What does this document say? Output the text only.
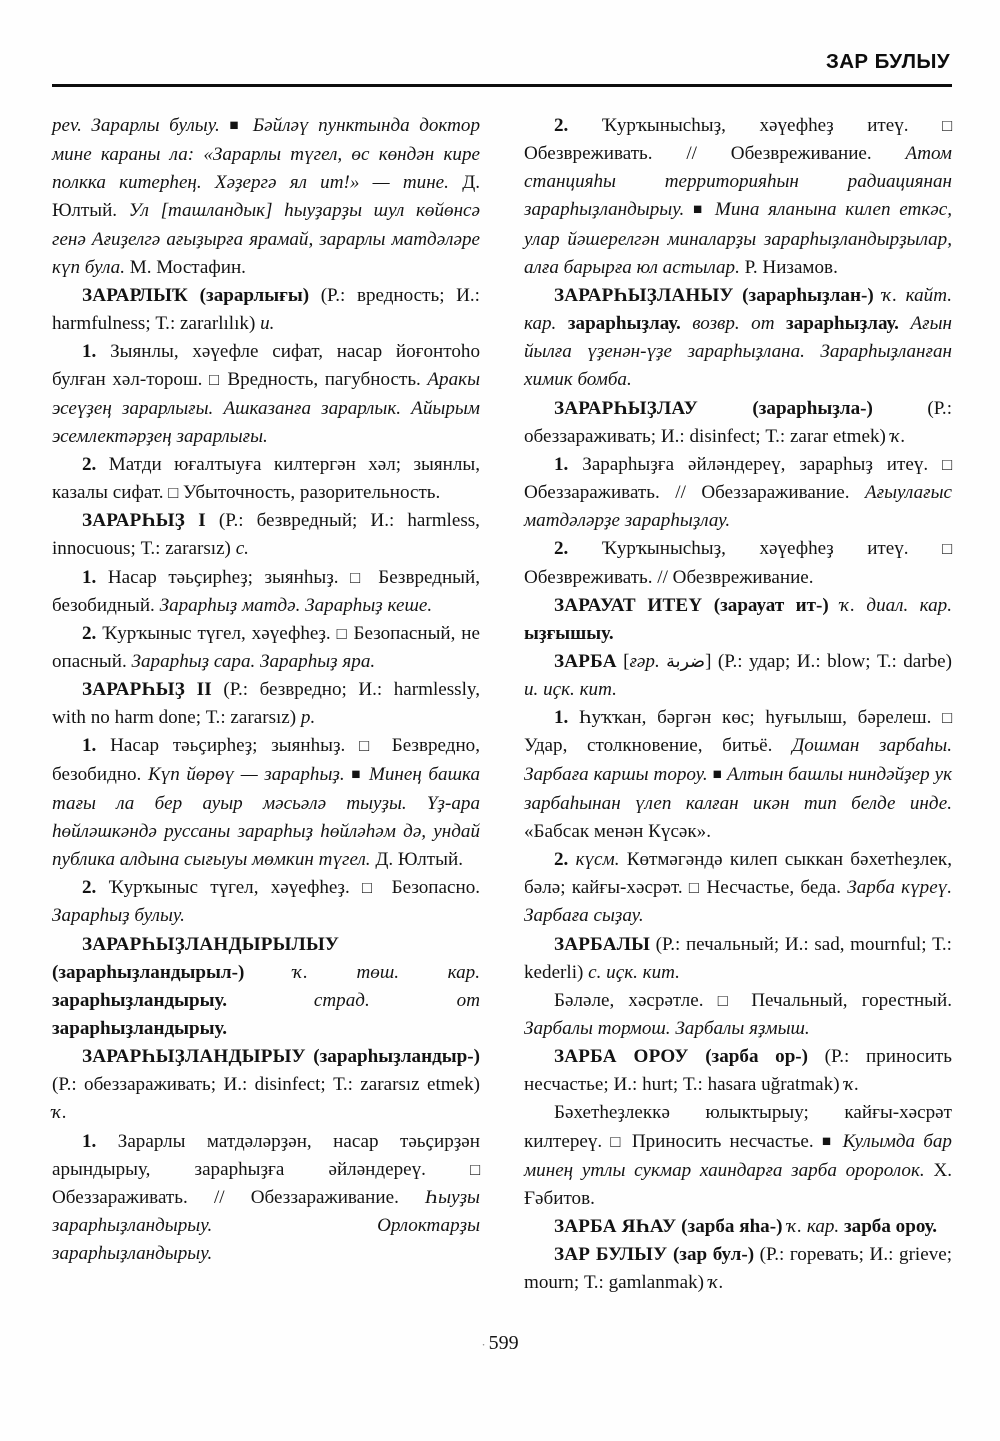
ЗАР БУЛЫУ

рev. Зарарлы булыу. ■ Бәйләү пунктында доктор мине караны ла: «Зарарлы түгел, өс көндән кире полкка китерһең. Хәҙергә ял ит!» — тине. Д. Юлтый. Ул [ташландык] һыуҙарҙы шул көйөнсә генә Ағиҙелгә ағыҙырға ярамай, зарарлы матдәләре күп була. М. Мостафин.

ЗАРАРЛЫҠ (зарарлығы) (Р.: вредность; И.: harmfulness; Т.: zararlılık) и.

1. Зыянлы, хәүефле сифат, насар йоғонтоһо булған хәл-торош. □ Вредность, пагубность. Аракы эсеүҙең зарарлығы. Ашказанға зарарлык. Айырым эсемлектәрҙең зарарлығы.

2. Матди юғалтыуға килтергән хәл; зыянлы, казалы сифат. □ Убыточность, разорительность.

ЗАРАРҺЫҘ I (Р.: безвредный; И.: harmless, innocuous; Т.: zararsız) с.

1. Насар тәьҫирһеҙ; зыянһыҙ. □ Безвредный, безобидный. Зарарһыҙ матдә. Зарарһыҙ кеше.

2. Ҡурҡыныс түгел, хәүефһеҙ. □ Безопасный, не опасный. Зарарһыҙ сара. Зарарһыҙ яра.

ЗАРАРҺЫҘ II (Р.: безвредно; И.: harmlessly, with no harm done; Т.: zararsız) р.

1. Насар тәьҫирһеҙ; зыянһыҙ. □ Безвредно, безобидно. Күп йөрөү — зарарһыҙ. ■ Минең башка тағы ла бер ауыр мәсьәлә тыуҙы. Үҙ-ара һөйләшкәндә руссаны зарарһыҙ һөйләһәм дә, ундай публика алдына сығыуы мөмкин түгел. Д. Юлтый.

2. Ҡурҡыныс түгел, хәүефһеҙ. □ Безопасно. Зарарһыҙ булыу.

ЗАРАРҺЫҘЛАНДЫРЫЛЫУ (зарарһыҙландырыл-)	ҡ.	төш. кар. зарарһыҙландырыу.	страд. от зарарһыҙландырыу.

ЗАРАРҺЫҘЛАНДЫРЫУ (зарарһыҙландыр-) (Р.: обеззараживать; И.: disinfect; Т.: zararsız etmek) ҡ.

1. Зарарлы матдәләрҙән, насар тәьҫирҙән арындырыу, зарарһыҙға әйләндереү. □ Обеззараживать. // Обеззараживание. Һыуҙы зарарһыҙландырыу. Орлоктарҙы зарарһыҙландырыу.

2. Ҡурҡынысһыҙ, хәүефһеҙ итеү. □ Обезвреживать. // Обезвреживание. Атом станцияһы территорияһын радиациянан зарарһыҙландырыу. ■ Мина яланына килеп еткәс, улар йәшерелгән миналарҙы зарарһыҙландырҙылар, алға барырға юл астылар. Р. Низамов.

ЗАРАРҺЫҘЛАНЫУ (зарарһыҙлан-) ҡ. кайт. кар. зарарһыҙлау. возвр. от зарарһыҙлау. Ағын йылға үҙенән-үҙе зарарһыҙлана. Зарарһыҙланған химик бомба.

ЗАРАРҺЫҘЛАУ	(зарарһыҙла-) (Р.: обеззараживать; И.: disinfect; Т.: zarar etmek) ҡ.

1. Зарарһыҙға әйләндереү, зарарһыҙ итеү. □ Обеззараживать. // Обеззараживание. Ағыулағыс матдәләрҙе зарарһыҙлау.

2. Ҡурҡынысһыҙ, хәүефһеҙ итеү. □ Обезвреживать. // Обезвреживание.

ЗАРАУАТ ИТЕҮ (зарауат ит-) ҡ. диал. кар. ыҙғышыу.

ЗАРБА [ғәр. ضربة] (Р.: удар; И.: blow; Т.: darbe) и. иҫк. кит.

1. Һуҡҡан, бәргән көс; һуғылыш, бәрелеш. □ Удар, столкновение, битьё. Дошман зарбаһы. Зарбаға каршы тороу. ■ Алтын башлы ниндәйҙер ук зарбаһынан үлеп калған икән тип белде инде. «Бабсак менән Күсәк».

2. күсм. Көтмәгәндә килеп сыккан бәхетһеҙлек, бәлә; кайғы-хәсрәт. □ Несчастье, беда. Зарба күреү. Зарбаға сыҙау.

ЗАРБАЛЫ (Р.: печальный; И.: sad, mournful; Т.: kederli) с. иҫк. кит.

Бәләле, хәсрәтле. □ Печальный, горестный. Зарбалы тормош. Зарбалы яҙмыш.

ЗАРБА ОРОУ (зарба ор-) (Р.: приносить несчастье; И.: hurt; Т.: hasara uğratmak) ҡ.

Бәхетһеҙлеккә юлыктырыу; кайғы-хәсрәт килтереү. □ Приносить несчастье. ■ Кулымда бар минең утлы сукмар хаиндарға зарба ороролок. Х. Ғәбитов.

ЗАРБА ЯҺАУ (зарба яһа-) ҡ. кар. зарба ороу.

ЗАР БУЛЫУ (зар бул-) (Р.: горевать; И.: grieve; mourn; Т.: gamlanmak) ҡ.

· 599
